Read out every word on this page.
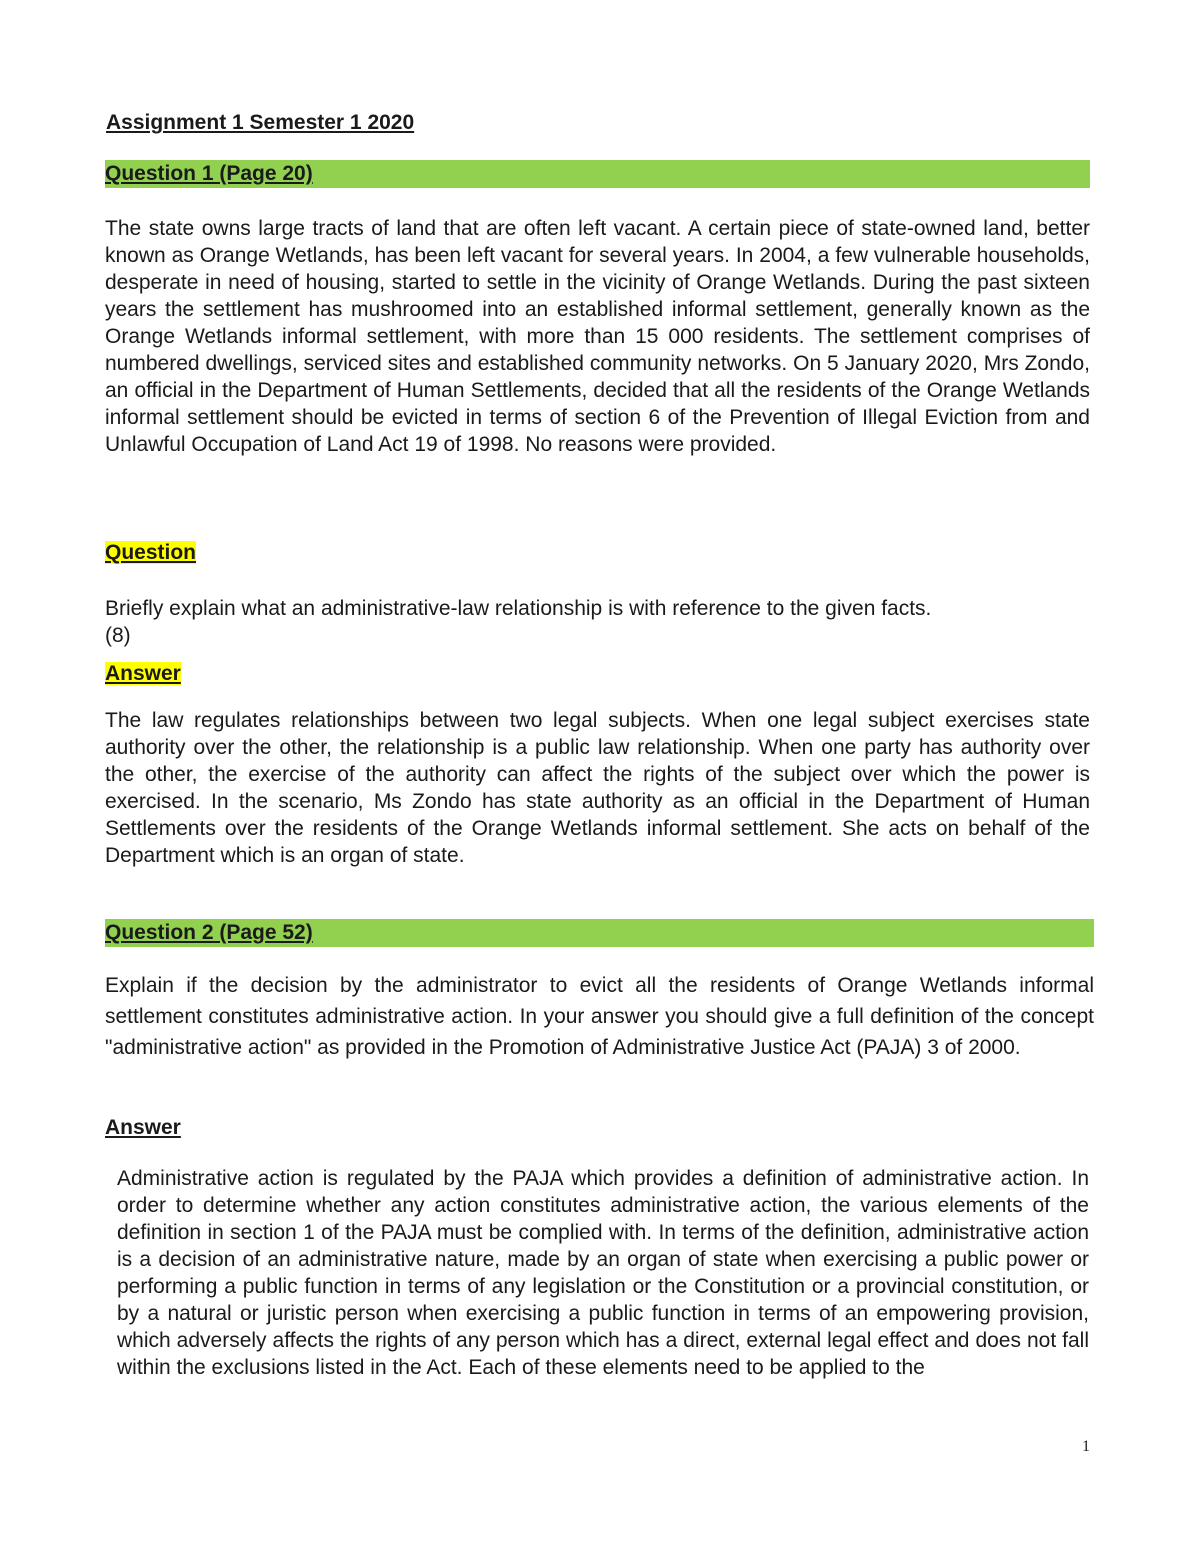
Assignment 1 Semester 1 2020
Question 1 (Page 20)
The state owns large tracts of land that are often left vacant. A certain piece of state-owned land, better known as Orange Wetlands, has been left vacant for several years. In 2004, a few vulnerable households, desperate in need of housing, started to settle in the vicinity of Orange Wetlands. During the past sixteen years the settlement has mushroomed into an established informal settlement, generally known as the Orange Wetlands informal settlement, with more than 15 000 residents. The settlement comprises of numbered dwellings, serviced sites and established community networks. On 5 January 2020, Mrs Zondo, an official in the Department of Human Settlements, decided that all the residents of the Orange Wetlands informal settlement should be evicted in terms of section 6 of the Prevention of Illegal Eviction from and Unlawful Occupation of Land Act 19 of 1998. No reasons were provided.
Question
Briefly explain what an administrative-law relationship is with reference to the given facts.
(8)
Answer
The law regulates relationships between two legal subjects. When one legal subject exercises state authority over the other, the relationship is a public law relationship. When one party has authority over the other, the exercise of the authority can affect the rights of the subject over which the power is exercised. In the scenario, Ms Zondo has state authority as an official in the Department of Human Settlements over the residents of the Orange Wetlands informal settlement. She acts on behalf of the Department which is an organ of state.
Question 2 (Page 52)
Explain if the decision by the administrator to evict all the residents of Orange Wetlands informal settlement constitutes administrative action. In your answer you should give a full definition of the concept "administrative action" as provided in the Promotion of Administrative Justice Act (PAJA) 3 of 2000.
Answer
Administrative action is regulated by the PAJA which provides a definition of administrative action. In order to determine whether any action constitutes administrative action, the various elements of the definition in section 1 of the PAJA must be complied with. In terms of the definition, administrative action is a decision of an administrative nature, made by an organ of state when exercising a public power or performing a public function in terms of any legislation or the Constitution or a provincial constitution, or by a natural or juristic person when exercising a public function in terms of an empowering provision, which adversely affects the rights of any person which has a direct, external legal effect and does not fall within the exclusions listed in the Act. Each of these elements need to be applied to the
1
